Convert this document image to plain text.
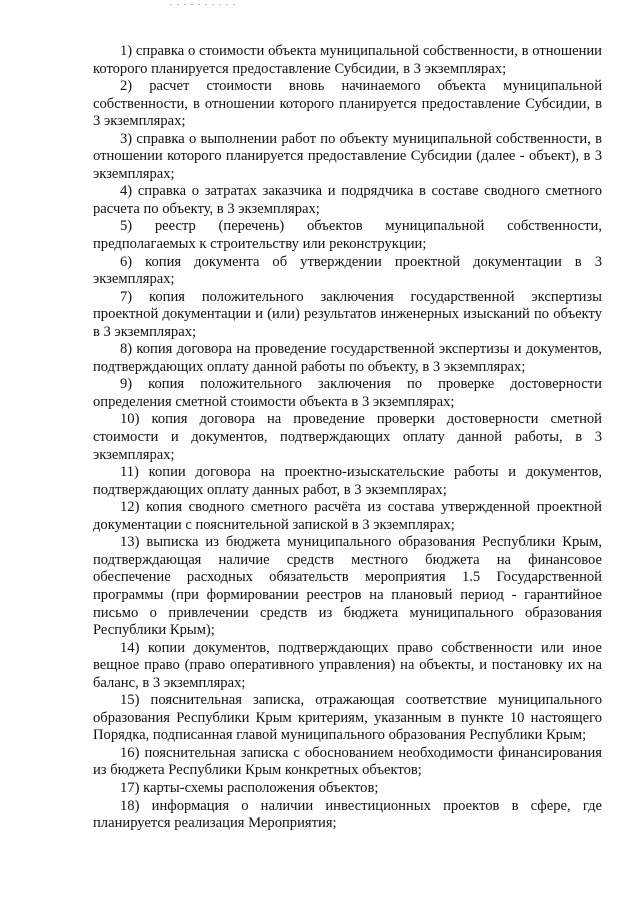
1) справка о стоимости объекта муниципальной собственности, в отношении которого планируется предоставление Субсидии, в 3 экземплярах;

2) расчет стоимости вновь начинаемого объекта муниципальной собственности, в отношении которого планируется предоставление Субсидии, в 3 экземплярах;

3) справка о выполнении работ по объекту муниципальной собственности, в отношении которого планируется предоставление Субсидии (далее - объект), в 3 экземплярах;

4) справка о затратах заказчика и подрядчика в составе сводного сметного расчета по объекту, в 3 экземплярах;

5) реестр (перечень) объектов муниципальной собственности, предполагаемых к строительству или реконструкции;

6) копия документа об утверждении проектной документации в 3 экземплярах;

7) копия положительного заключения государственной экспертизы проектной документации и (или) результатов инженерных изысканий по объекту в 3 экземплярах;

8) копия договора на проведение государственной экспертизы и документов, подтверждающих оплату данной работы по объекту, в 3 экземплярах;

9) копия положительного заключения по проверке достоверности определения сметной стоимости объекта в 3 экземплярах;

10) копия договора на проведение проверки достоверности сметной стоимости и документов, подтверждающих оплату данной работы, в 3 экземплярах;

11) копии договора на проектно-изыскательские работы и документов, подтверждающих оплату данных работ, в 3 экземплярах;

12) копия сводного сметного расчёта из состава утвержденной проектной документации с пояснительной запиской в 3 экземплярах;

13) выписка из бюджета муниципального образования Республики Крым, подтверждающая наличие средств местного бюджета на финансовое обеспечение расходных обязательств мероприятия 1.5 Государственной программы (при формировании реестров на плановый период - гарантийное письмо о привлечении средств из бюджета муниципального образования Республики Крым);

14) копии документов, подтверждающих право собственности или иное вещное право (право оперативного управления) на объекты, и постановку их на баланс, в 3 экземплярах;

15) пояснительная записка, отражающая соответствие муниципального образования Республики Крым критериям, указанным в пункте 10 настоящего Порядка, подписанная главой муниципального образования Республики Крым;

16) пояснительная записка с обоснованием необходимости финансирования из бюджета Республики Крым конкретных объектов;

17) карты-схемы расположения объектов;

18) информация о наличии инвестиционных проектов в сфере, где планируется реализация Мероприятия;
